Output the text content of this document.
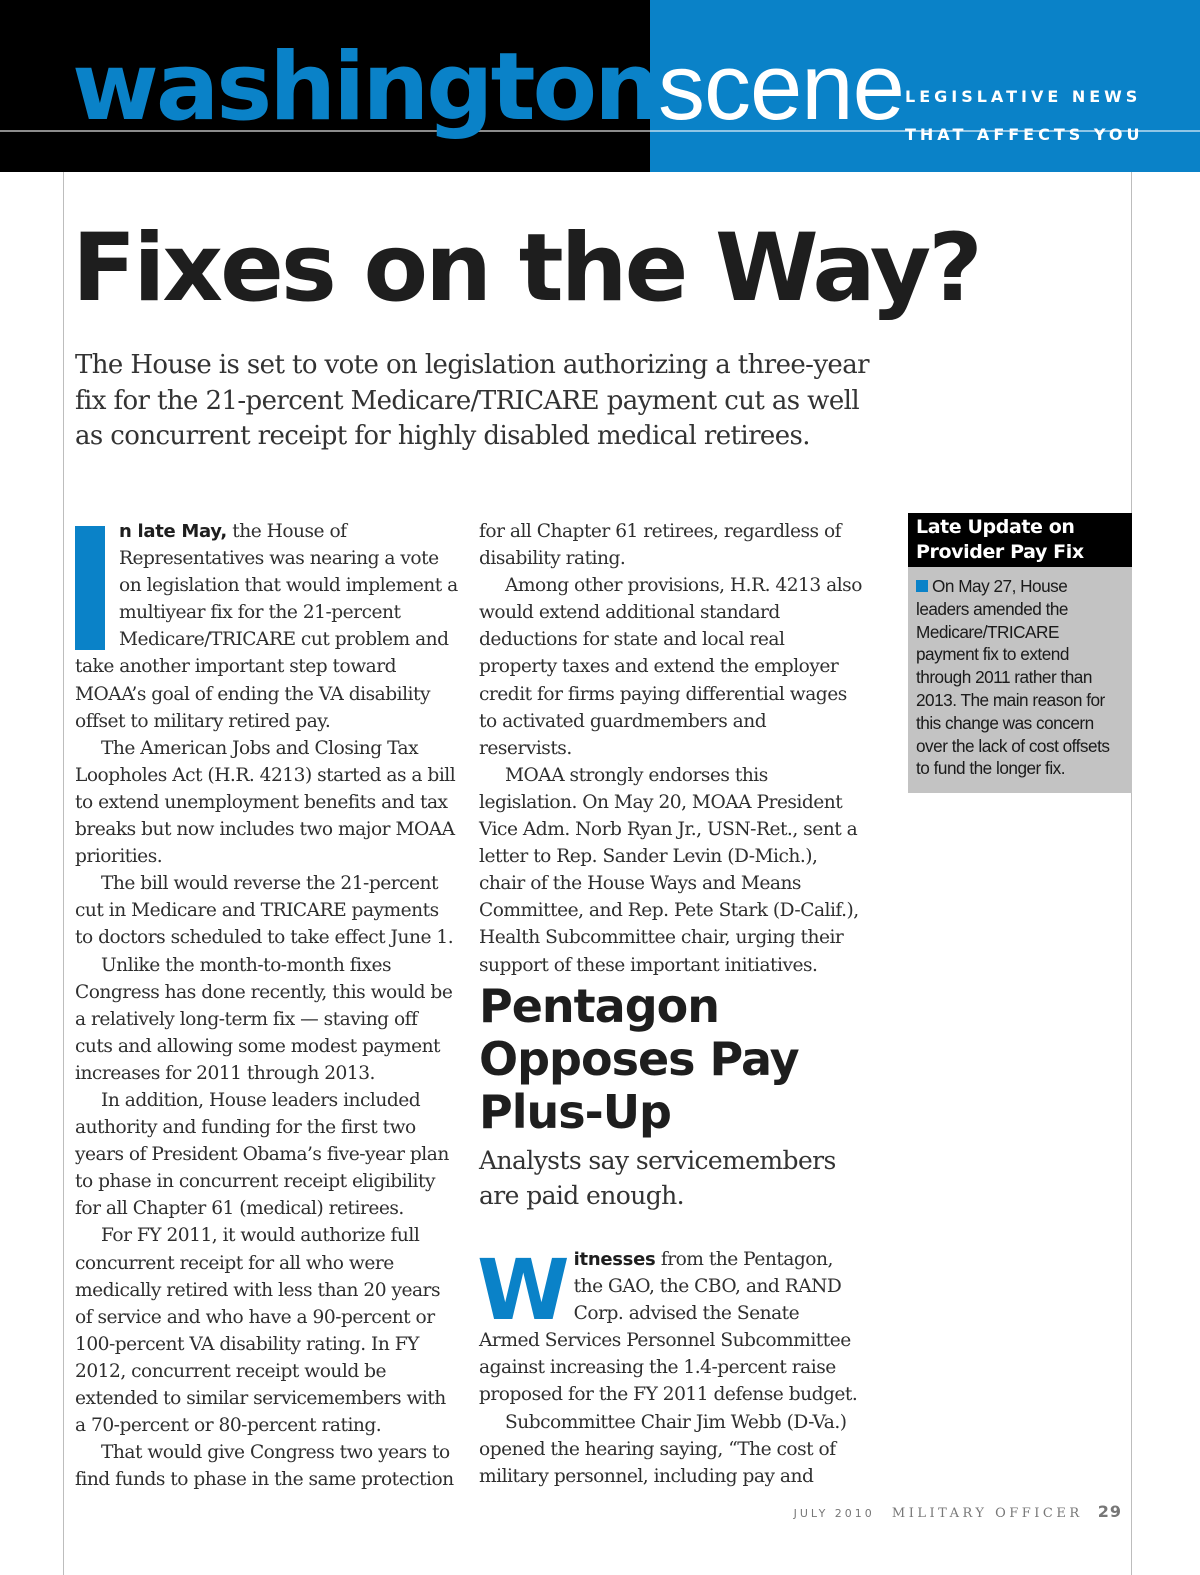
washingtonscene LEGISLATIVE NEWS
THAT AFFECTS YOU
Fixes on the Way?
The House is set to vote on legislation authorizing a three-year fix for the 21-percent Medicare/TRICARE payment cut as well as concurrent receipt for highly disabled medical retirees.

n late May, the House of Representatives was nearing a vote on legislation that would implement a multiyear fix for the 21-percent Medicare/TRICARE cut problem and take another important step toward MOAA’s goal of ending the VA disability offset to military retired pay.

The American Jobs and Closing Tax Loopholes Act (H.R. 4213) started as a bill to extend unemployment benefits and tax breaks but now includes two major MOAA priorities.

The bill would reverse the 21-percent cut in Medicare and TRICARE payments to doctors scheduled to take effect June 1.

Unlike the month-to-month fixes Congress has done recently, this would be a relatively long-term fix — staving off cuts and allowing some modest payment increases for 2011 through 2013.

In addition, House leaders included authority and funding for the first two years of President Obama’s five-year plan to phase in concurrent receipt eligibility for all Chapter 61 (medical) retirees.

For FY 2011, it would authorize full concurrent receipt for all who were medically retired with less than 20 years of service and who have a 90-percent or 100-percent VA disability rating. In FY 2012, concurrent receipt would be extended to similar servicemembers with a 70-percent or 80-percent rating.

That would give Congress two years to find funds to phase in the same protection

for all Chapter 61 retirees, regardless of disability rating.

Among other provisions, H.R. 4213 also would extend additional standard deductions for state and local real property taxes and extend the employer credit for firms paying differential wages to activated guardmembers and reservists.

MOAA strongly endorses this legislation. On May 20, MOAA President Vice Adm. Norb Ryan Jr., USN-Ret., sent a letter to Rep. Sander Levin (D-Mich.), chair of the House Ways and Means Committee, and Rep. Pete Stark (D-Calif.), Health Subcommittee chair, urging their support of these important initiatives.

Pentagon Opposes Pay Plus-Up
Analysts say servicemembers are paid enough.

Witnesses from the Pentagon, the GAO, the CBO, and RAND Corp. advised the Senate Armed Services Personnel Subcommittee against increasing the 1.4-percent raise proposed for the FY 2011 defense budget.

Subcommittee Chair Jim Webb (D-Va.) opened the hearing saying, “The cost of military personnel, including pay and

Late Update on Provider Pay Fix
On May 27, House leaders amended the Medicare/TRICARE payment fix to extend through 2011 rather than 2013. The main reason for this change was concern over the lack of cost offsets to fund the longer fix.
JULY 2010 MILITARY OFFICER 29
